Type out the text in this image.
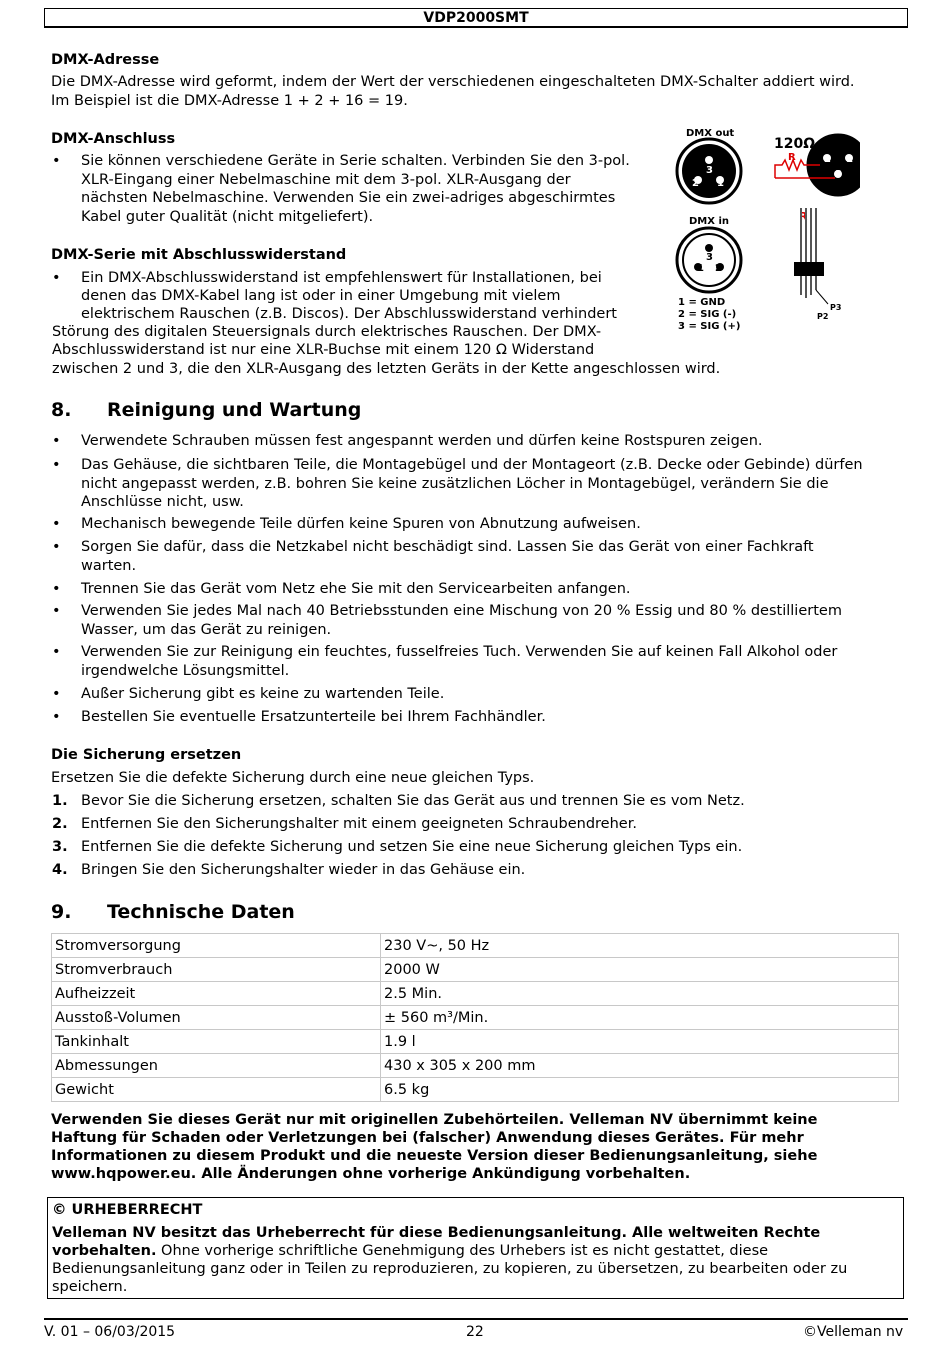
VDP2000SMT
DMX-Adresse
Die DMX-Adresse wird geformt, indem der Wert der verschiedenen eingeschalteten DMX-Schalter addiert wird.
Im Beispiel ist die DMX-Adresse 1 + 2 + 16 = 19.
DMX-Anschluss
• Sie können verschiedene Geräte in Serie schalten. Verbinden Sie den 3-pol.
XLR-Eingang einer Nebelmaschine mit dem 3-pol. XLR-Ausgang der
nächsten Nebelmaschine. Verwenden Sie ein zwei-adriges abgeschirmtes
Kabel guter Qualität (nicht mitgeliefert).
DMX-Serie mit Abschlusswiderstand
• Ein DMX-Abschlusswiderstand ist empfehlenswert für Installationen, bei
denen das DMX-Kabel lang ist oder in einer Umgebung mit vielem
elektrischem Rauschen (z.B. Discos). Der Abschlusswiderstand verhindert
Störung des digitalen Steuersignals durch elektrisches Rauschen. Der DMX-
Abschlusswiderstand ist nur eine XLR-Buchse mit einem 120 Ω Widerstand
zwischen 2 und 3, die den XLR-Ausgang des letzten Geräts in der Kette angeschlossen wird.
DMX out
3
2 1
DMX in
3
1 2
1 = GND
2 = SIG (-)
3 = SIG (+)
120Ω
R	2 1
3
R
P3
P2
8. Reinigung und Wartung
• Verwendete Schrauben müssen fest angespannt werden und dürfen keine Rostspuren zeigen.
• Das Gehäuse, die sichtbaren Teile, die Montagebügel und der Montageort (z.B. Decke oder Gebinde) dürfen
nicht angepasst werden, z.B. bohren Sie keine zusätzlichen Löcher in Montagebügel, verändern Sie die
Anschlüsse nicht, usw.
• Mechanisch bewegende Teile dürfen keine Spuren von Abnutzung aufweisen.
• Sorgen Sie dafür, dass die Netzkabel nicht beschädigt sind. Lassen Sie das Gerät von einer Fachkraft
warten.
• Trennen Sie das Gerät vom Netz ehe Sie mit den Servicearbeiten anfangen.
• Verwenden Sie jedes Mal nach 40 Betriebsstunden eine Mischung von 20 % Essig und 80 % destilliertem
Wasser, um das Gerät zu reinigen.
• Verwenden Sie zur Reinigung ein feuchtes, fusselfreies Tuch. Verwenden Sie auf keinen Fall Alkohol oder
irgendwelche Lösungsmittel.
• Außer Sicherung gibt es keine zu wartenden Teile.
• Bestellen Sie eventuelle Ersatzunterteile bei Ihrem Fachhändler.
Die Sicherung ersetzen
Ersetzen Sie die defekte Sicherung durch eine neue gleichen Typs.
1. Bevor Sie die Sicherung ersetzen, schalten Sie das Gerät aus und trennen Sie es vom Netz.
2. Entfernen Sie den Sicherungshalter mit einem geeigneten Schraubendreher.
3. Entfernen Sie die defekte Sicherung und setzen Sie eine neue Sicherung gleichen Typs ein.
4. Bringen Sie den Sicherungshalter wieder in das Gehäuse ein.
9. Technische Daten
Stromversorgung	230 V~, 50 Hz
Stromverbrauch	2000 W
Aufheizzeit	2.5 Min.
Ausstoß-Volumen	± 560 m³/Min.
Tankinhalt	1.9 l
Abmessungen	430 x 305 x 200 mm
Gewicht	6.5 kg
Verwenden Sie dieses Gerät nur mit originellen Zubehörteilen. Velleman NV übernimmt keine
Haftung für Schaden oder Verletzungen bei (falscher) Anwendung dieses Gerätes. Für mehr
Informationen zu diesem Produkt und die neueste Version dieser Bedienungsanleitung, siehe
www.hqpower.eu. Alle Änderungen ohne vorherige Ankündigung vorbehalten.
© URHEBERRECHT
Velleman NV besitzt das Urheberrecht für diese Bedienungsanleitung. Alle weltweiten Rechte
vorbehalten. Ohne vorherige schriftliche Genehmigung des Urhebers ist es nicht gestattet, diese
Bedienungsanleitung ganz oder in Teilen zu reproduzieren, zu kopieren, zu übersetzen, zu bearbeiten oder zu
speichern.
V. 01 – 06/03/2015	22	©Velleman nv
